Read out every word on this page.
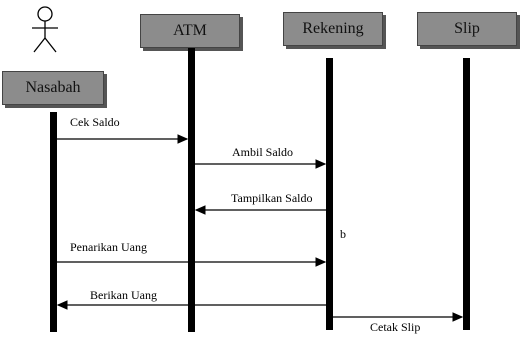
Nasabah
ATM	Rekening	Slip
Cek Saldo
Ambil Saldo
Tampilkan Saldo
Penarikan Uang
Berikan Uang
Cetak Slip
b
